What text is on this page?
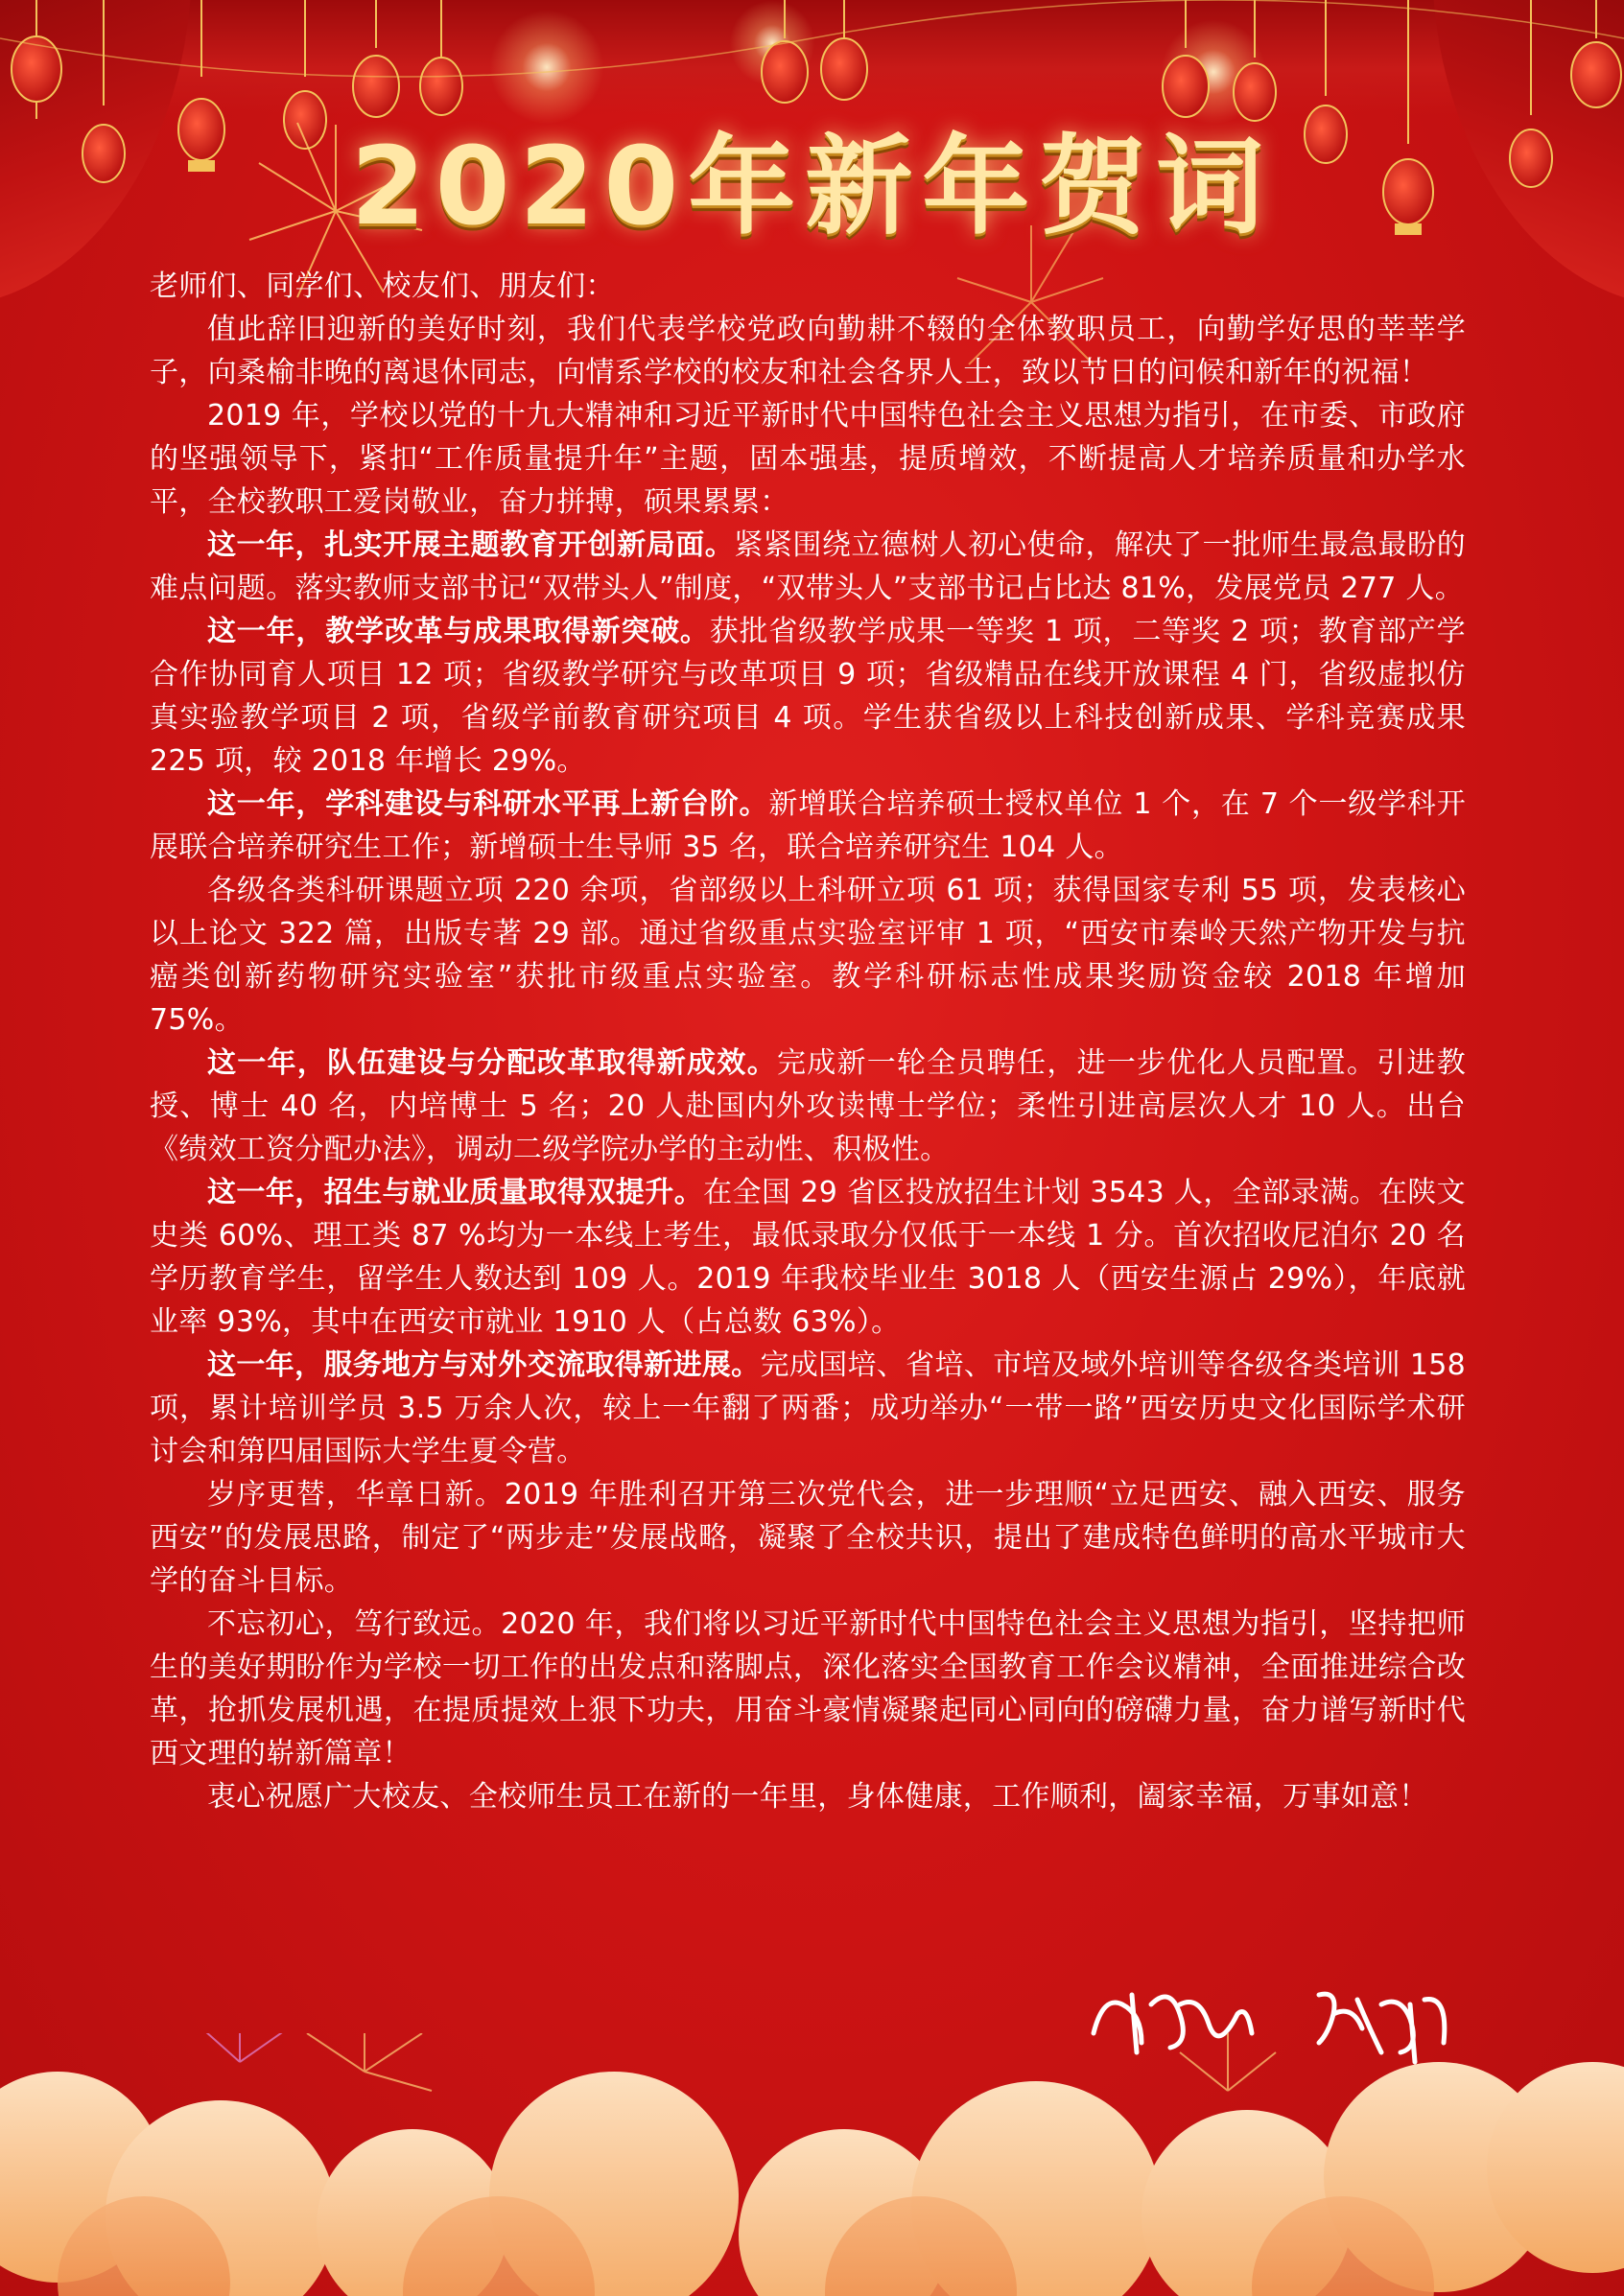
2020年新年贺词

老师们、同学们、校友们、朋友们：

值此辞旧迎新的美好时刻，我们代表学校党政向勤耕不辍的全体教职员工，向勤学好思的莘莘学子，向桑榆非晚的离退休同志，向情系学校的校友和社会各界人士，致以节日的问候和新年的祝福！

2019 年，学校以党的十九大精神和习近平新时代中国特色社会主义思想为指引，在市委、市政府的坚强领导下，紧扣“工作质量提升年”主题，固本强基，提质增效，不断提高人才培养质量和办学水平，全校教职工爱岗敬业，奋力拼搏，硕果累累：

这一年，扎实开展主题教育开创新局面。紧紧围绕立德树人初心使命，解决了一批师生最急最盼的难点问题。落实教师支部书记“双带头人”制度，“双带头人”支部书记占比达 81%，发展党员 277 人。

这一年，教学改革与成果取得新突破。获批省级教学成果一等奖 1 项，二等奖 2 项；教育部产学合作协同育人项目 12 项；省级教学研究与改革项目 9 项；省级精品在线开放课程 4 门，省级虚拟仿真实验教学项目 2 项，省级学前教育研究项目 4 项。学生获省级以上科技创新成果、学科竞赛成果 225 项，较 2018 年增长 29%。

这一年，学科建设与科研水平再上新台阶。新增联合培养硕士授权单位 1 个，在 7 个一级学科开展联合培养研究生工作；新增硕士生导师 35 名，联合培养研究生 104 人。

各级各类科研课题立项 220 余项，省部级以上科研立项 61 项；获得国家专利 55 项，发表核心以上论文 322 篇，出版专著 29 部。通过省级重点实验室评审 1 项，“西安市秦岭天然产物开发与抗癌类创新药物研究实验室”获批市级重点实验室。教学科研标志性成果奖励资金较 2018 年增加 75%。

这一年，队伍建设与分配改革取得新成效。完成新一轮全员聘任，进一步优化人员配置。引进教授、博士 40 名，内培博士 5 名；20 人赴国内外攻读博士学位；柔性引进高层次人才 10 人。出台《绩效工资分配办法》，调动二级学院办学的主动性、积极性。

这一年，招生与就业质量取得双提升。在全国 29 省区投放招生计划 3543 人，全部录满。在陕文史类 60%、理工类 87 %均为一本线上考生，最低录取分仅低于一本线 1 分。首次招收尼泊尔 20 名学历教育学生，留学生人数达到 109 人。2019 年我校毕业生 3018 人（西安生源占 29%），年底就业率 93%，其中在西安市就业 1910 人（占总数 63%）。

这一年，服务地方与对外交流取得新进展。完成国培、省培、市培及域外培训等各级各类培训 158 项，累计培训学员 3.5 万余人次，较上一年翻了两番；成功举办“一带一路”西安历史文化国际学术研讨会和第四届国际大学生夏令营。

岁序更替，华章日新。2019 年胜利召开第三次党代会，进一步理顺“立足西安、融入西安、服务西安”的发展思路，制定了“两步走”发展战略，凝聚了全校共识，提出了建成特色鲜明的高水平城市大学的奋斗目标。

不忘初心，笃行致远。2020 年，我们将以习近平新时代中国特色社会主义思想为指引，坚持把师生的美好期盼作为学校一切工作的出发点和落脚点，深化落实全国教育工作会议精神，全面推进综合改革，抢抓发展机遇，在提质提效上狠下功夫，用奋斗豪情凝聚起同心同向的磅礴力量，奋力谱写新时代西文理的崭新篇章！

衷心祝愿广大校友、全校师生员工在新的一年里，身体健康，工作顺利，阖家幸福，万事如意！
